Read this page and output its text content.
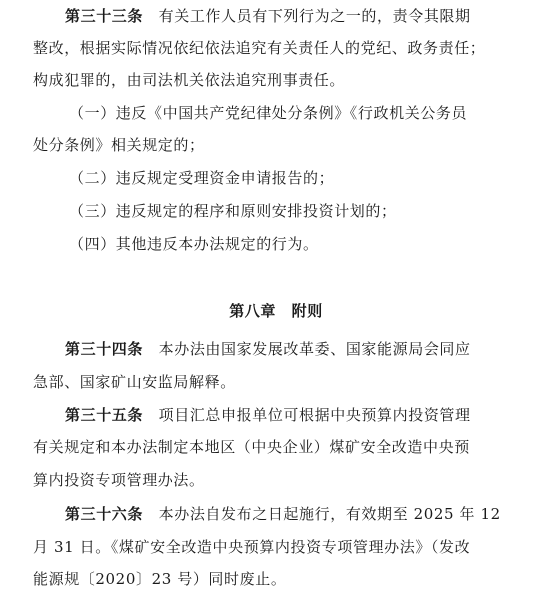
第三十三条　有关工作人员有下列行为之一的，责令其限期
整改，根据实际情况依纪依法追究有关责任人的党纪、政务责任；
构成犯罪的，由司法机关依法追究刑事责任。
（一）违反《中国共产党纪律处分条例》《行政机关公务员
处分条例》相关规定的；
（二）违反规定受理资金申请报告的；
（三）违反规定的程序和原则安排投资计划的；
（四）其他违反本办法规定的行为。
第八章　附则
第三十四条　本办法由国家发展改革委、国家能源局会同应
急部、国家矿山安监局解释。
第三十五条　项目汇总申报单位可根据中央预算内投资管理
有关规定和本办法制定本地区（中央企业）煤矿安全改造中央预
算内投资专项管理办法。
第三十六条　本办法自发布之日起施行，有效期至 2025 年 12
月 31 日。《煤矿安全改造中央预算内投资专项管理办法》（发改
能源规〔2020〕23 号）同时废止。
